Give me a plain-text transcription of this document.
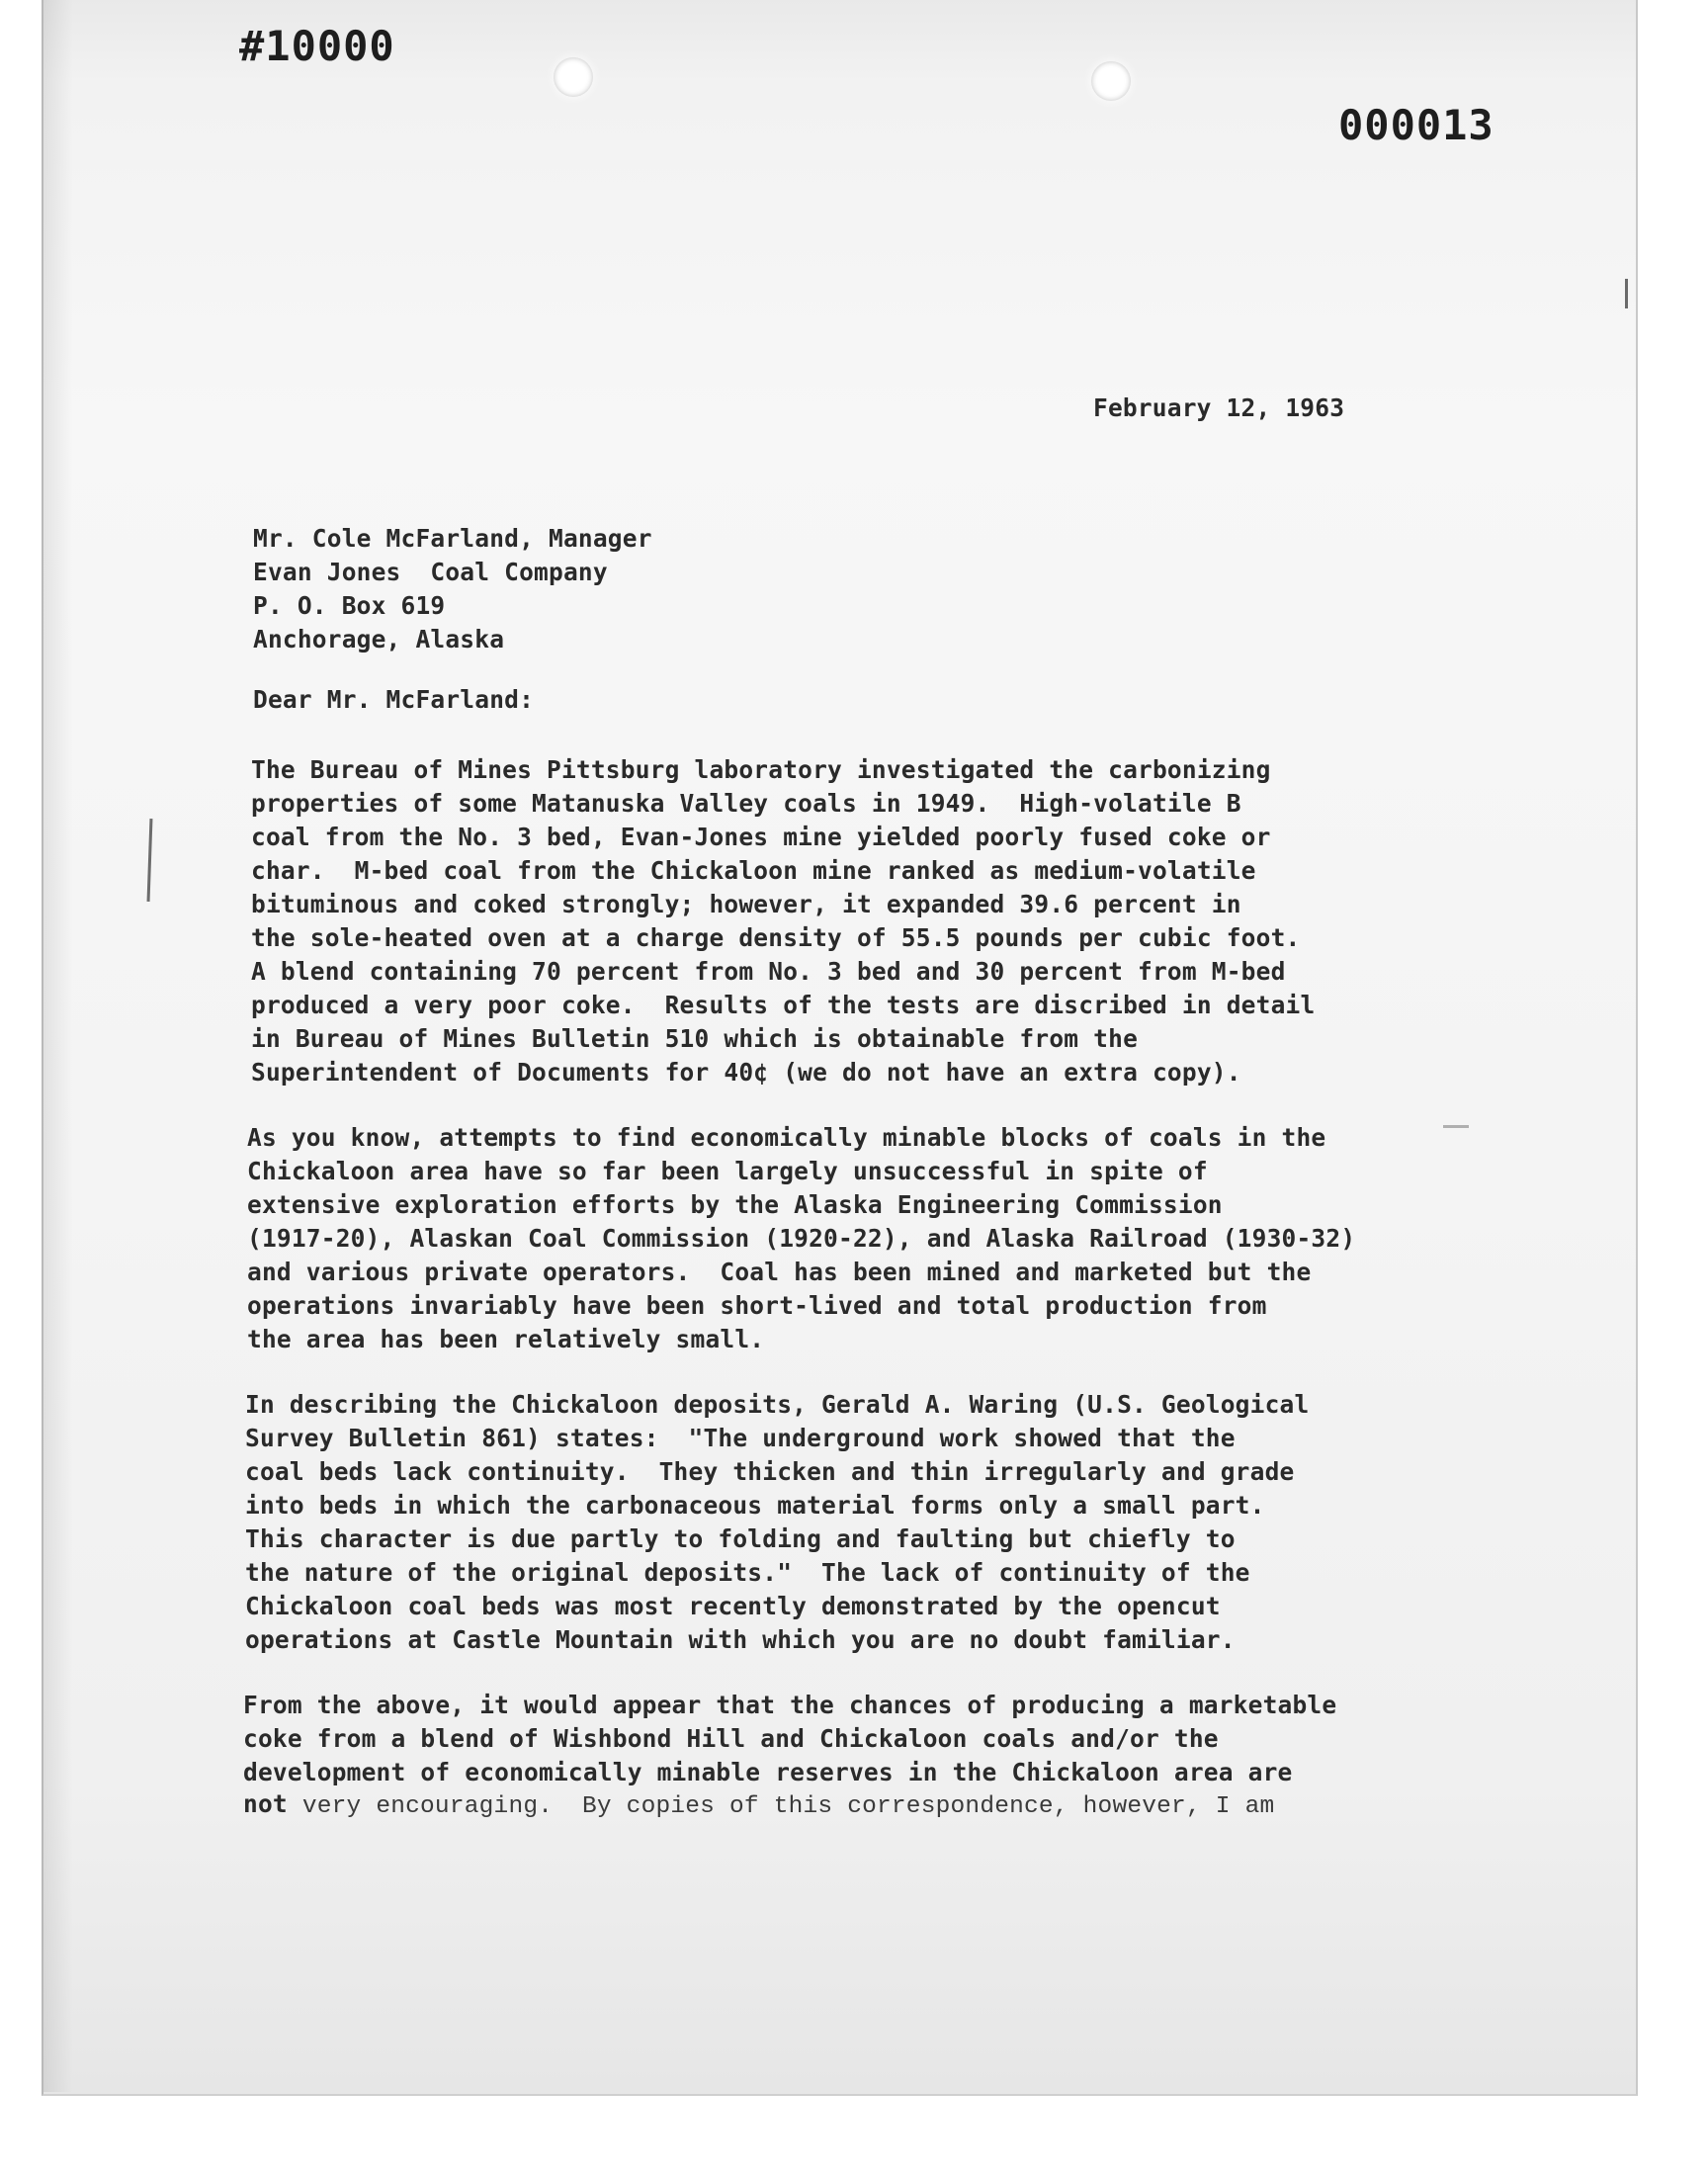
#10000
000013
February 12, 1963
Mr. Cole McFarland, Manager
Evan Jones  Coal Company
P. O. Box 619
Anchorage, Alaska
Dear Mr. McFarland:
The Bureau of Mines Pittsburg laboratory investigated the carbonizing
properties of some Matanuska Valley coals in 1949.  High-volatile B
coal from the No. 3 bed, Evan-Jones mine yielded poorly fused coke or
char.  M-bed coal from the Chickaloon mine ranked as medium-volatile
bituminous and coked strongly; however, it expanded 39.6 percent in
the sole-heated oven at a charge density of 55.5 pounds per cubic foot.
A blend containing 70 percent from No. 3 bed and 30 percent from M-bed
produced a very poor coke.  Results of the tests are discribed in detail
in Bureau of Mines Bulletin 510 which is obtainable from the
Superintendent of Documents for 40¢ (we do not have an extra copy).
As you know, attempts to find economically minable blocks of coals in the
Chickaloon area have so far been largely unsuccessful in spite of
extensive exploration efforts by the Alaska Engineering Commission
(1917-20), Alaskan Coal Commission (1920-22), and Alaska Railroad (1930-32)
and various private operators.  Coal has been mined and marketed but the
operations invariably have been short-lived and total production from
the area has been relatively small.
In describing the Chickaloon deposits, Gerald A. Waring (U.S. Geological
Survey Bulletin 861) states:  "The underground work showed that the
coal beds lack continuity.  They thicken and thin irregularly and grade
into beds in which the carbonaceous material forms only a small part.
This character is due partly to folding and faulting but chiefly to
the nature of the original deposits."  The lack of continuity of the
Chickaloon coal beds was most recently demonstrated by the opencut
operations at Castle Mountain with which you are no doubt familiar.
From the above, it would appear that the chances of producing a marketable
coke from a blend of Wishbond Hill and Chickaloon coals and/or the
development of economically minable reserves in the Chickaloon area are
not very encouraging.  By copies of this correspondence, however, I am
